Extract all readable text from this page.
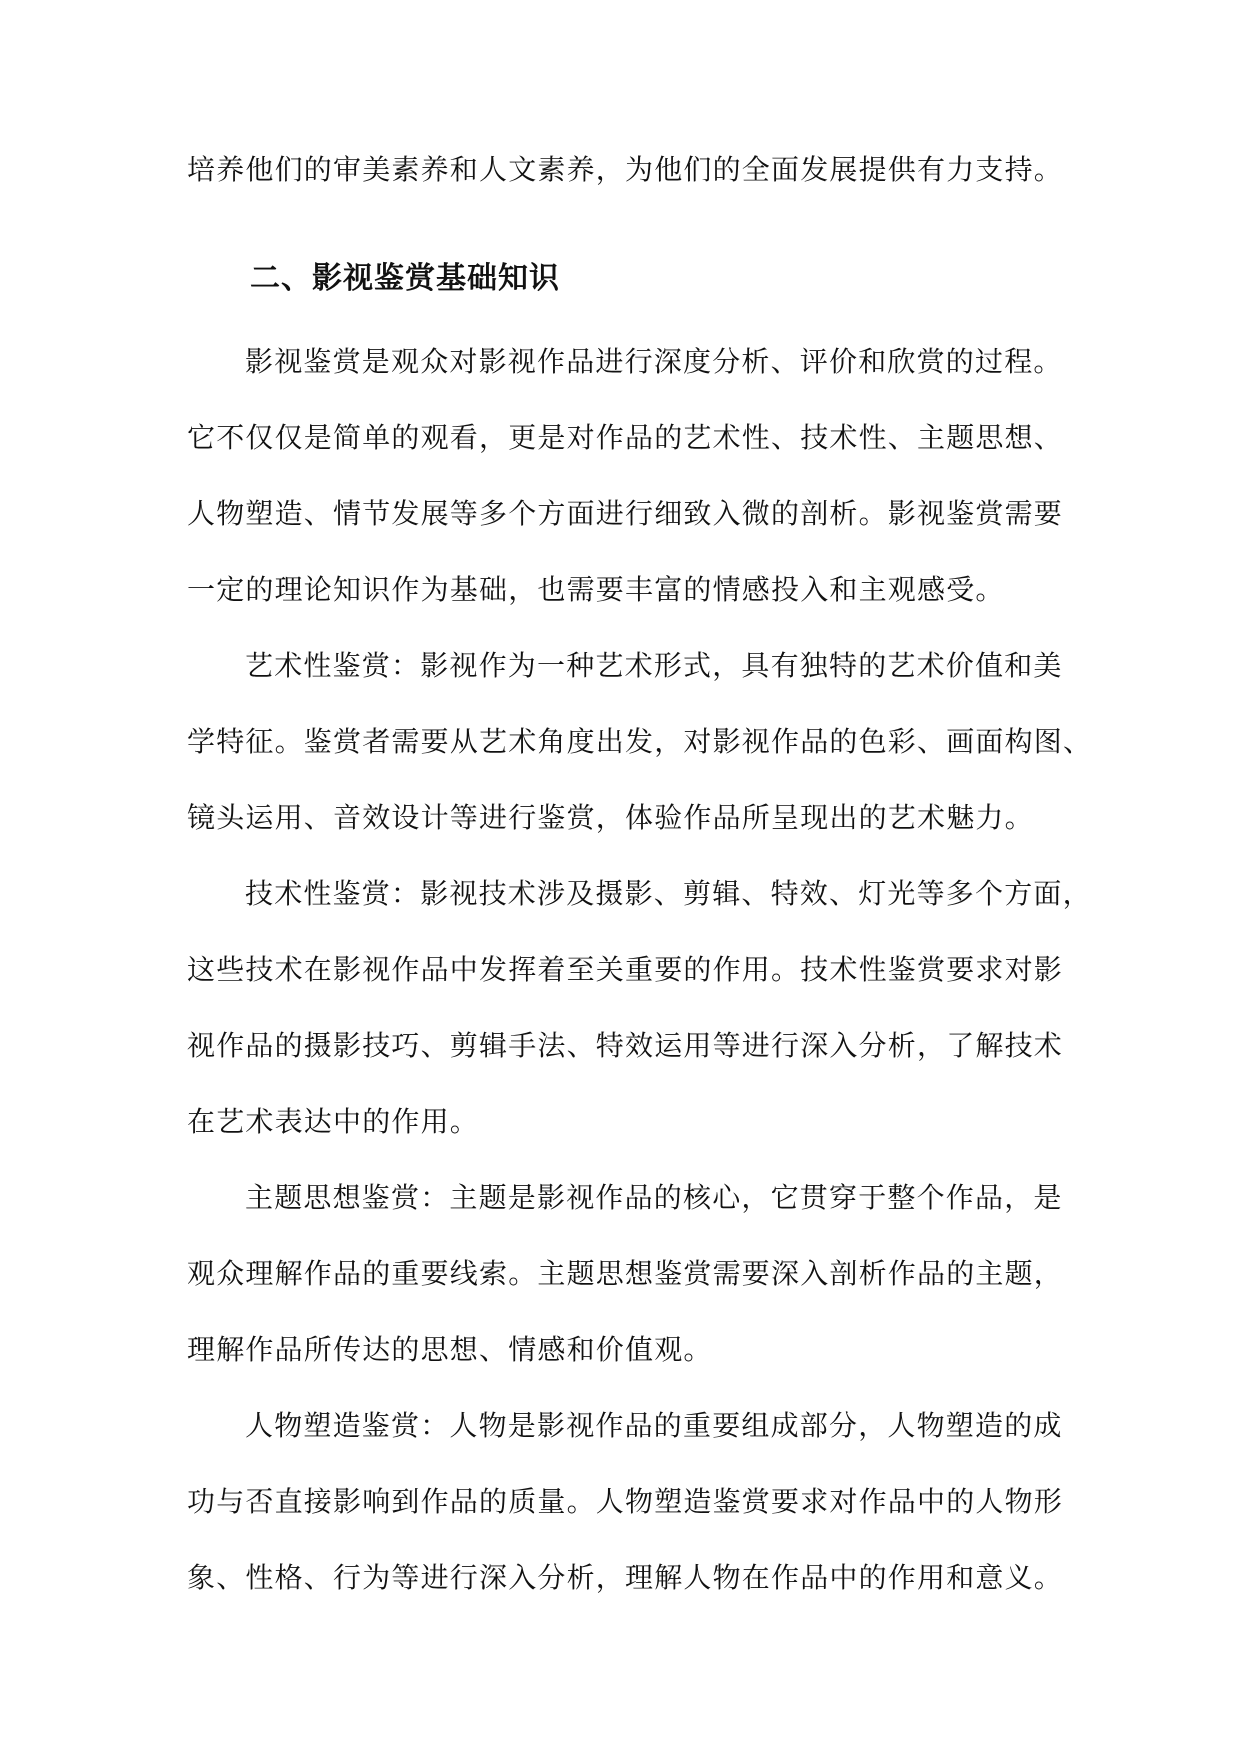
培养他们的审美素养和人文素养，为他们的全面发展提供有力支持。
二、影视鉴赏基础知识
影视鉴赏是观众对影视作品进行深度分析、评价和欣赏的过程。
它不仅仅是简单的观看，更是对作品的艺术性、技术性、主题思想、
人物塑造、情节发展等多个方面进行细致入微的剖析。影视鉴赏需要
一定的理论知识作为基础，也需要丰富的情感投入和主观感受。
艺术性鉴赏：影视作为一种艺术形式，具有独特的艺术价值和美
学特征。鉴赏者需要从艺术角度出发，对影视作品的色彩、画面构图、
镜头运用、音效设计等进行鉴赏，体验作品所呈现出的艺术魅力。
技术性鉴赏：影视技术涉及摄影、剪辑、特效、灯光等多个方面，
这些技术在影视作品中发挥着至关重要的作用。技术性鉴赏要求对影
视作品的摄影技巧、剪辑手法、特效运用等进行深入分析，了解技术
在艺术表达中的作用。
主题思想鉴赏：主题是影视作品的核心，它贯穿于整个作品，是
观众理解作品的重要线索。主题思想鉴赏需要深入剖析作品的主题，
理解作品所传达的思想、情感和价值观。
人物塑造鉴赏：人物是影视作品的重要组成部分，人物塑造的成
功与否直接影响到作品的质量。人物塑造鉴赏要求对作品中的人物形
象、性格、行为等进行深入分析，理解人物在作品中的作用和意义。
